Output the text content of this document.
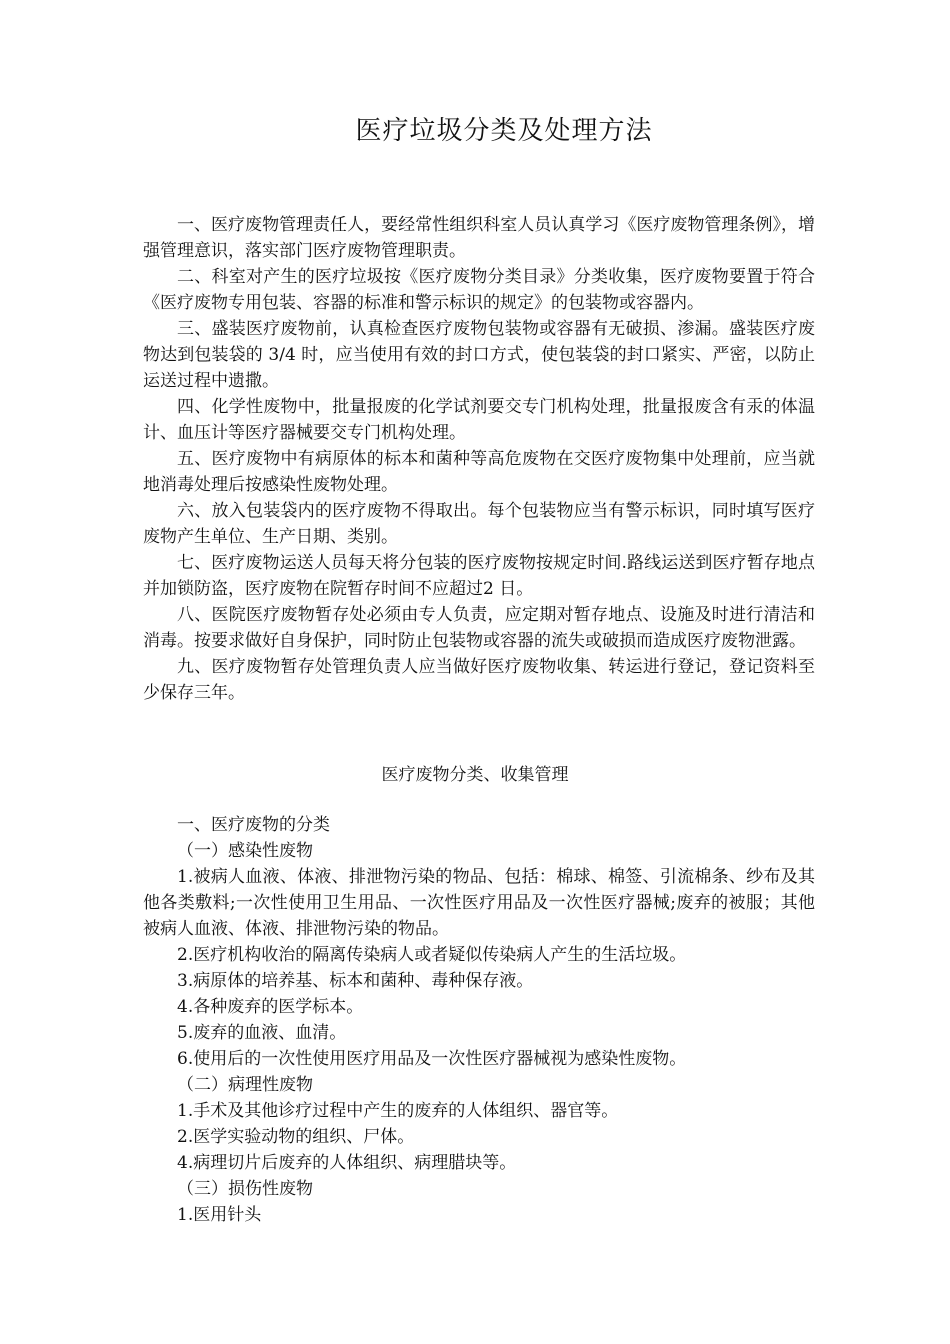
医疗垃圾分类及处理方法

一、医疗废物管理责任人，要经常性组织科室人员认真学习《医疗废物管理条例》，增强管理意识，落实部门医疗废物管理职责。

二、科室对产生的医疗垃圾按《医疗废物分类目录》分类收集，医疗废物要置于符合《医疗废物专用包装、容器的标准和警示标识的规定》的包装物或容器内。

三、盛装医疗废物前，认真检查医疗废物包装物或容器有无破损、渗漏。盛装医疗废物达到包装袋的 3/4 时，应当使用有效的封口方式，使包装袋的封口紧实、严密，以防止运送过程中遗撒。

四、化学性废物中，批量报废的化学试剂要交专门机构处理，批量报废含有汞的体温计、血压计等医疗器械要交专门机构处理。

五、医疗废物中有病原体的标本和菌种等高危废物在交医疗废物集中处理前，应当就地消毒处理后按感染性废物处理。

六、放入包装袋内的医疗废物不得取出。每个包装物应当有警示标识，同时填写医疗废物产生单位、生产日期、类别。

七、医疗废物运送人员每天将分包装的医疗废物按规定时间.路线运送到医疗暂存地点并加锁防盗，医疗废物在院暂存时间不应超过2 日。

八、医院医疗废物暂存处必须由专人负责，应定期对暂存地点、设施及时进行清洁和消毒。按要求做好自身保护，同时防止包装物或容器的流失或破损而造成医疗废物泄露。

九、医疗废物暂存处管理负责人应当做好医疗废物收集、转运进行登记，登记资料至少保存三年。

医疗废物分类、收集管理

一、医疗废物的分类

（一）感染性废物

1.被病人血液、体液、排泄物污染的物品、包括：棉球、棉签、引流棉条、纱布及其他各类敷料;一次性使用卫生用品、一次性医疗用品及一次性医疗器械;废弃的被服；其他被病人血液、体液、排泄物污染的物品。

2.医疗机构收治的隔离传染病人或者疑似传染病人产生的生活垃圾。

3.病原体的培养基、标本和菌种、毒种保存液。

4.各种废弃的医学标本。

5.废弃的血液、血清。

6.使用后的一次性使用医疗用品及一次性医疗器械视为感染性废物。

（二）病理性废物

1.手术及其他诊疗过程中产生的废弃的人体组织、器官等。

2.医学实验动物的组织、尸体。

4.病理切片后废弃的人体组织、病理腊块等。

（三）损伤性废物

1.医用针头
